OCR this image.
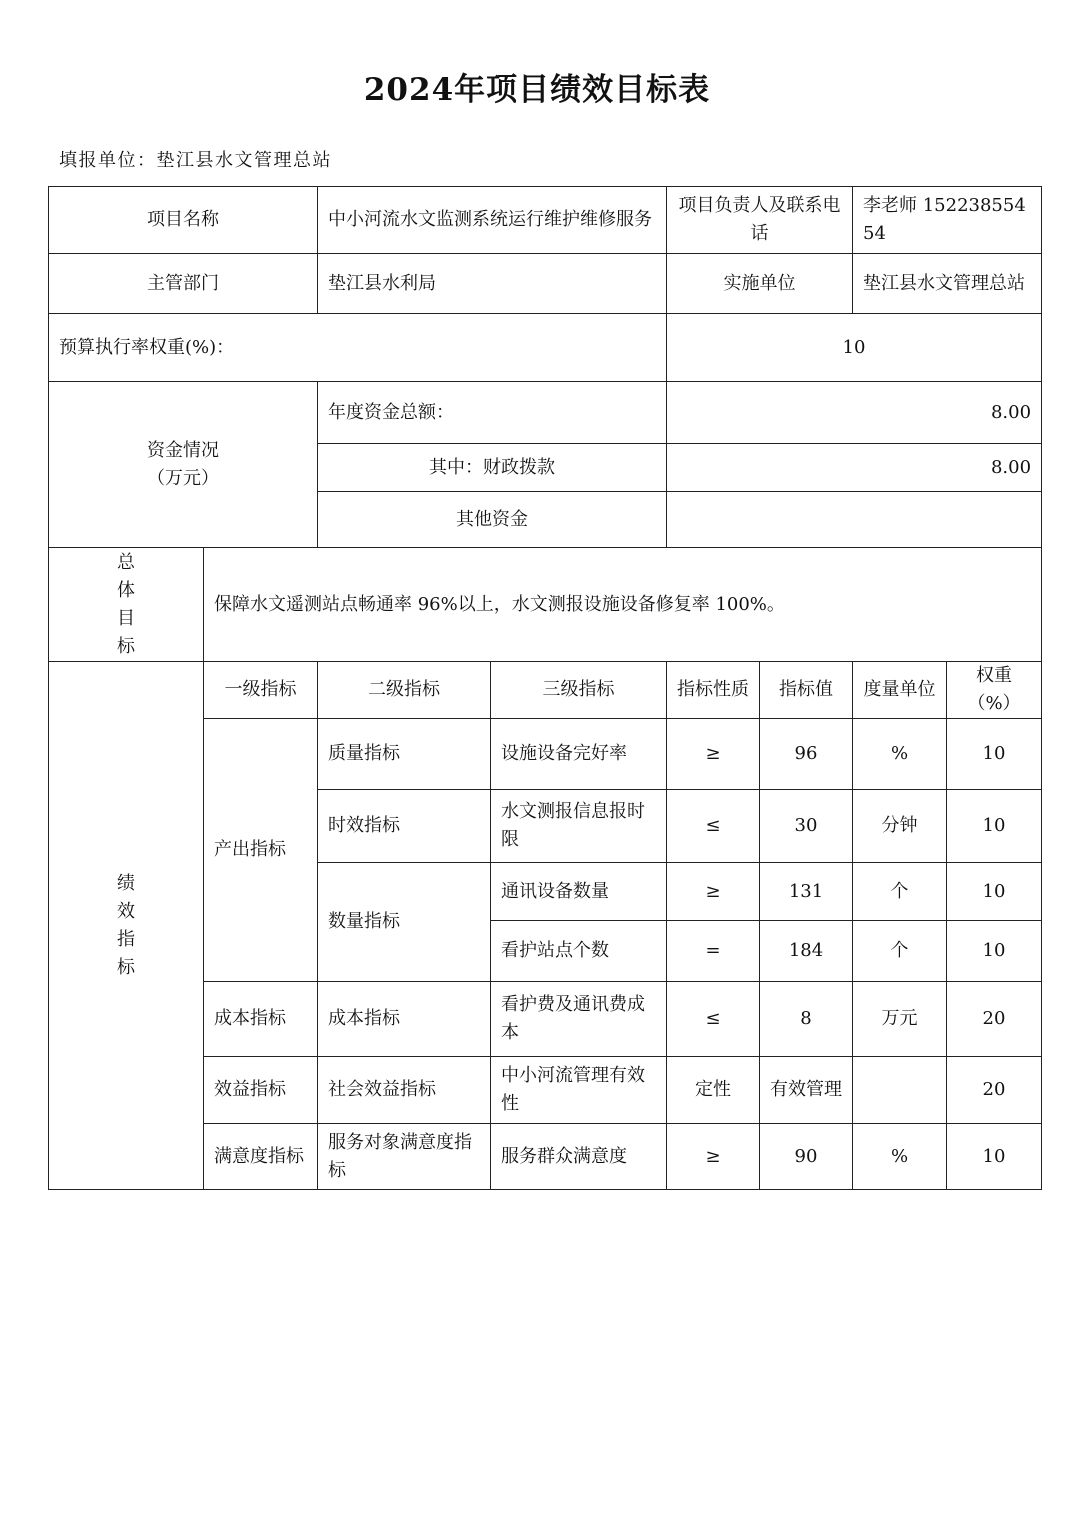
2024年项目绩效目标表
填报单位：垫江县水文管理总站
项目名称		中小河流水文监测系统运行维护维修服务		项目负责人及联系电话		李老师 15223855454	
主管部门		垫江县水利局		实施单位		垫江县水文管理总站	
预算执行率权重(%)：				10			

资金情况（万元）		年度资金总额：		8.00			
		其中：财政拨款		8.00			
		其他资金					

总体目标	保障水文遥测站点畅通率 96%以上，水文测报设施设备修复率 100%。						

绩效指标	一级指标	二级指标	三级指标	指标性质	指标值	度量单位	权重（%）
	产出指标	质量指标	设施设备完好率	≥	96	%	10
		时效指标	水文测报信息报时限	≤	30	分钟	10
		数量指标	通讯设备数量	≥	131	个	10
			看护站点个数	=	184	个	10
	成本指标	成本指标	看护费及通讯费成本	≤	8	万元	20
	效益指标	社会效益指标	中小河流管理有效性	定性	有效管理		20
	满意度指标	服务对象满意度指标	服务群众满意度	≥	90	%	10
